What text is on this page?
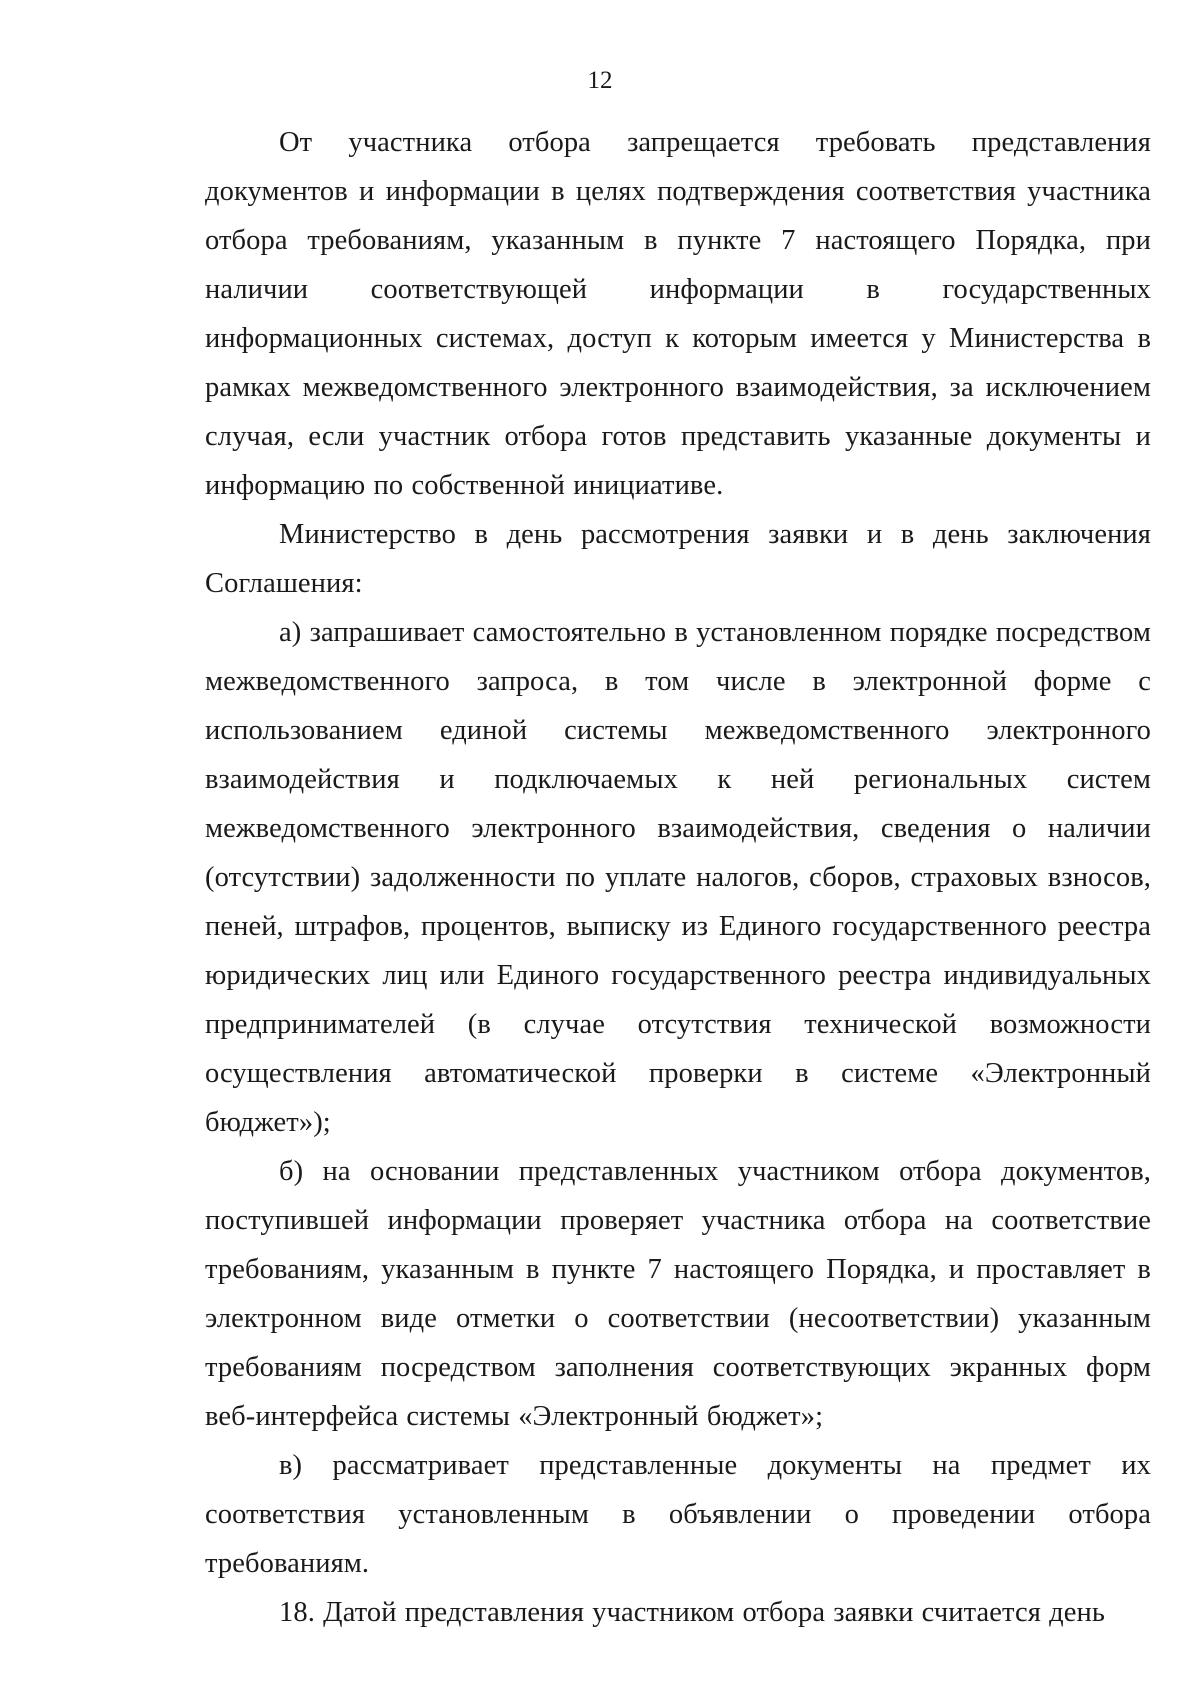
12

От участника отбора запрещается требовать представления документов и информации в целях подтверждения соответствия участника отбора требованиям, указанным в пункте 7 настоящего Порядка, при наличии соответствующей информации в государственных информационных системах, доступ к которым имеется у Министерства в рамках межведомственного электронного взаимодействия, за исключением случая, если участник отбора готов представить указанные документы и информацию по собственной инициативе.

Министерство в день рассмотрения заявки и в день заключения Соглашения:

а) запрашивает самостоятельно в установленном порядке посредством межведомственного запроса, в том числе в электронной форме с использованием единой системы межведомственного электронного взаимодействия и подключаемых к ней региональных систем межведомственного электронного взаимодействия, сведения о наличии (отсутствии) задолженности по уплате налогов, сборов, страховых взносов, пеней, штрафов, процентов, выписку из Единого государственного реестра юридических лиц или Единого государственного реестра индивидуальных предпринимателей (в случае отсутствия технической возможности осуществления автоматической проверки в системе «Электронный бюджет»);

б) на основании представленных участником отбора документов, поступившей информации проверяет участника отбора на соответствие требованиям, указанным в пункте 7 настоящего Порядка, и проставляет в электронном виде отметки о соответствии (несоответствии) указанным требованиям посредством заполнения соответствующих экранных форм веб-интерфейса системы «Электронный бюджет»;

в) рассматривает представленные документы на предмет их соответствия установленным в объявлении о проведении отбора требованиям.

18. Датой представления участником отбора заявки считается день
